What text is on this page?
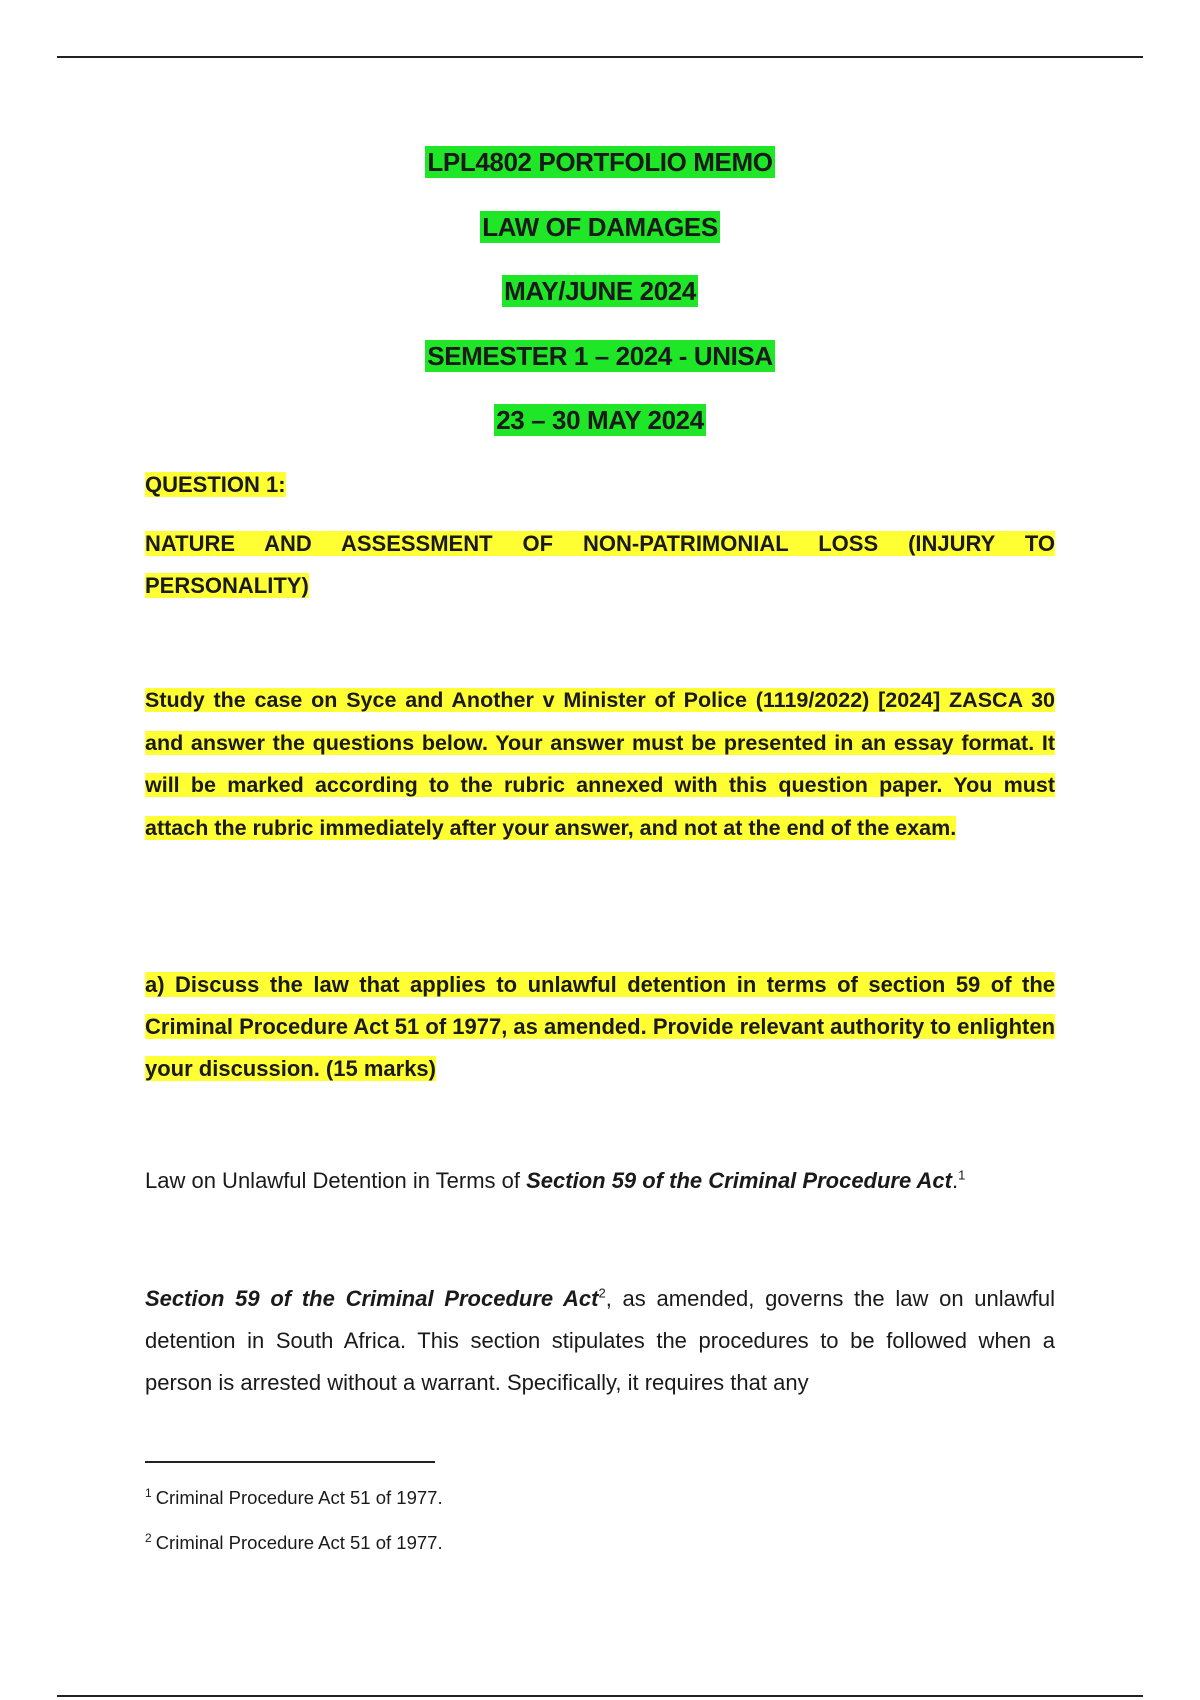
LPL4802 PORTFOLIO MEMO
LAW OF DAMAGES
MAY/JUNE 2024
SEMESTER 1 – 2024 - UNISA
23 – 30 MAY 2024
QUESTION 1:
NATURE AND ASSESSMENT OF NON-PATRIMONIAL LOSS (INJURY TO PERSONALITY)
Study the case on Syce and Another v Minister of Police (1119/2022) [2024] ZASCA 30 and answer the questions below. Your answer must be presented in an essay format. It will be marked according to the rubric annexed with this question paper. You must attach the rubric immediately after your answer, and not at the end of the exam.
a) Discuss the law that applies to unlawful detention in terms of section 59 of the Criminal Procedure Act 51 of 1977, as amended. Provide relevant authority to enlighten your discussion. (15 marks)
Law on Unlawful Detention in Terms of Section 59 of the Criminal Procedure Act.$^1$
Section 59 of the Criminal Procedure Act$^2$, as amended, governs the law on unlawful detention in South Africa. This section stipulates the procedures to be followed when a person is arrested without a warrant. Specifically, it requires that any
$^1$ Criminal Procedure Act 51 of 1977.
$^2$ Criminal Procedure Act 51 of 1977.
